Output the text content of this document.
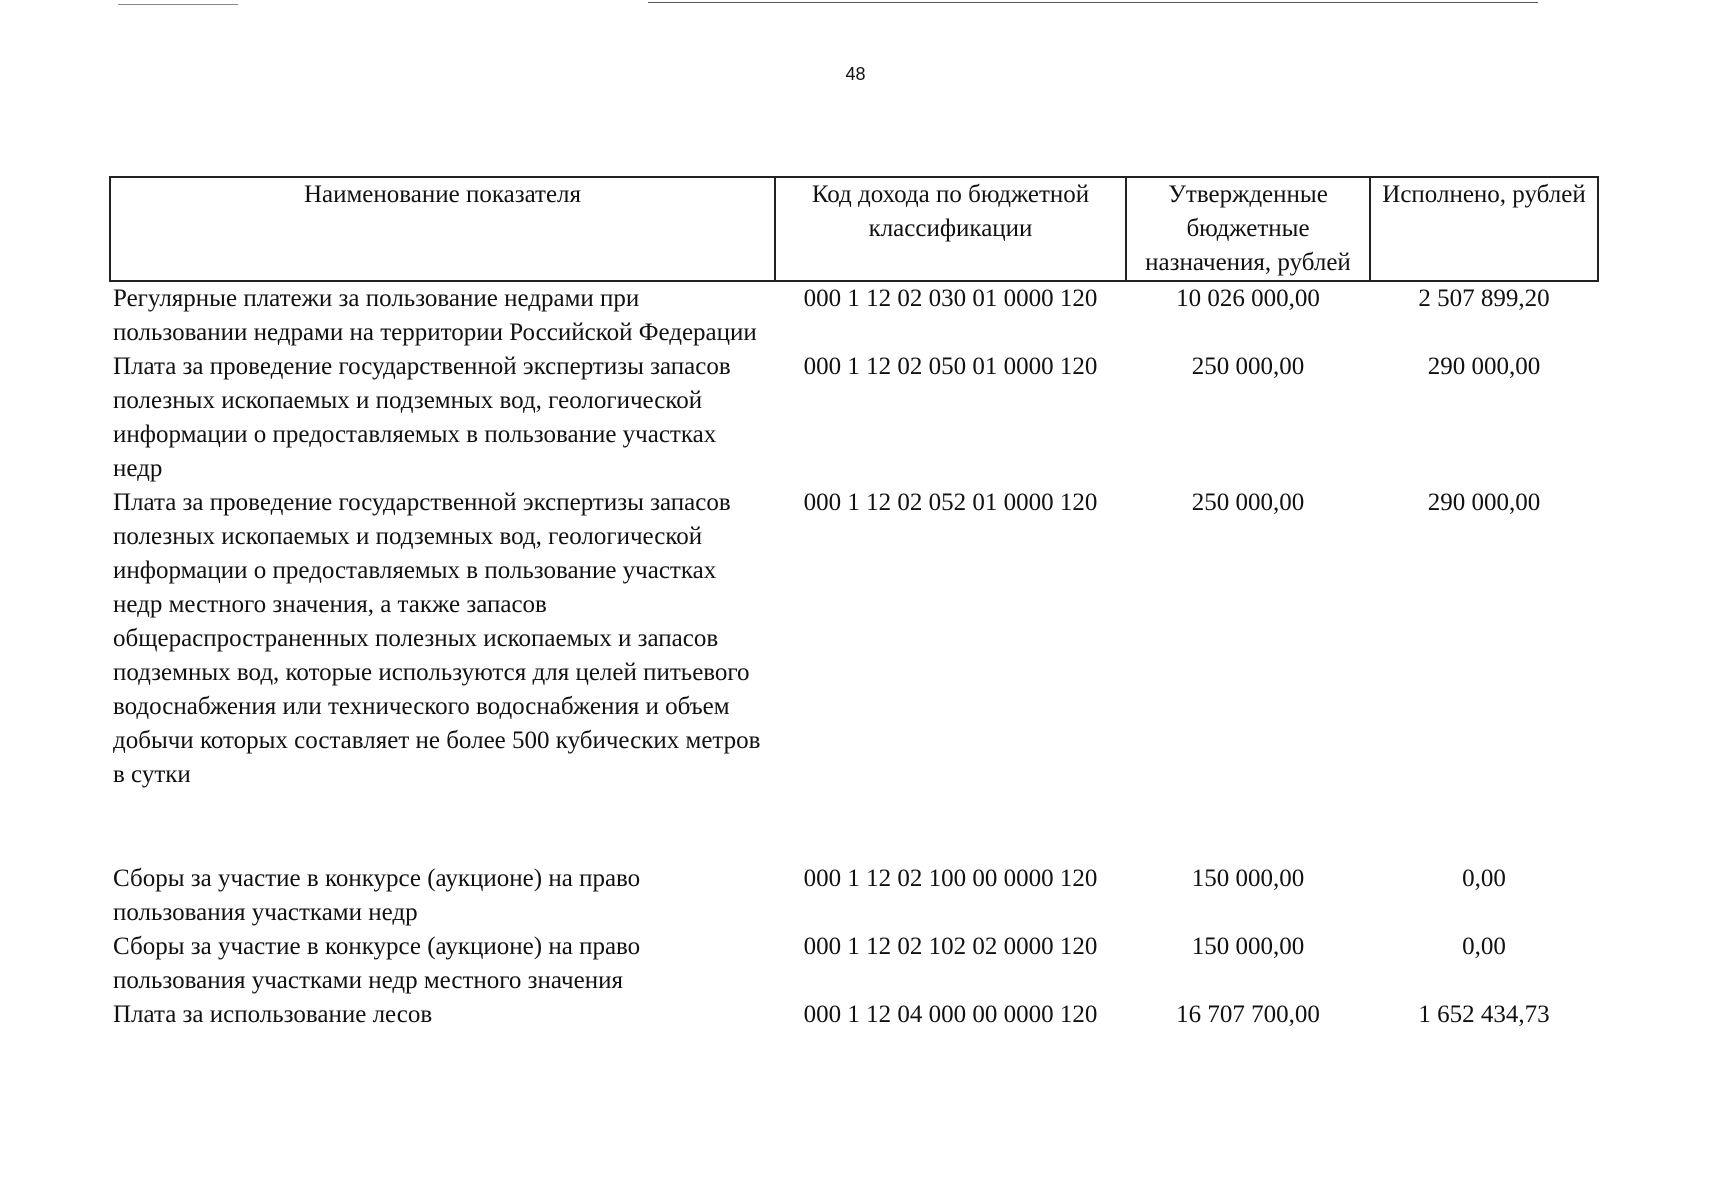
48
Наименование показателя	Код дохода по бюджетной классификации	Утвержденные бюджетные назначения, рублей	Исполнено, рублей
Регулярные платежи за пользование недрами при пользовании недрами на территории Российской Федерации	000 1 12 02 030 01 0000 120	10 026 000,00	2 507 899,20
Плата за проведение государственной экспертизы запасов полезных ископаемых и подземных вод, геологической информации о предоставляемых в пользование участках недр	000 1 12 02 050 01 0000 120	250 000,00	290 000,00
Плата за проведение государственной экспертизы запасов полезных ископаемых и подземных вод, геологической информации о предоставляемых в пользование участках недр местного значения, а также запасов общераспространенных полезных ископаемых и запасов подземных вод, которые используются для целей питьевого водоснабжения или технического водоснабжения и объем добычи которых составляет не более 500 кубических метров в сутки	000 1 12 02 052 01 0000 120	250 000,00	290 000,00

Сборы за участие в конкурсе (аукционе) на право пользования участками недр	000 1 12 02 100 00 0000 120	150 000,00	0,00
Сборы за участие в конкурсе (аукционе) на право пользования участками недр местного значения	000 1 12 02 102 02 0000 120	150 000,00	0,00
Плата за использование лесов	000 1 12 04 000 00 0000 120	16 707 700,00	1 652 434,73
